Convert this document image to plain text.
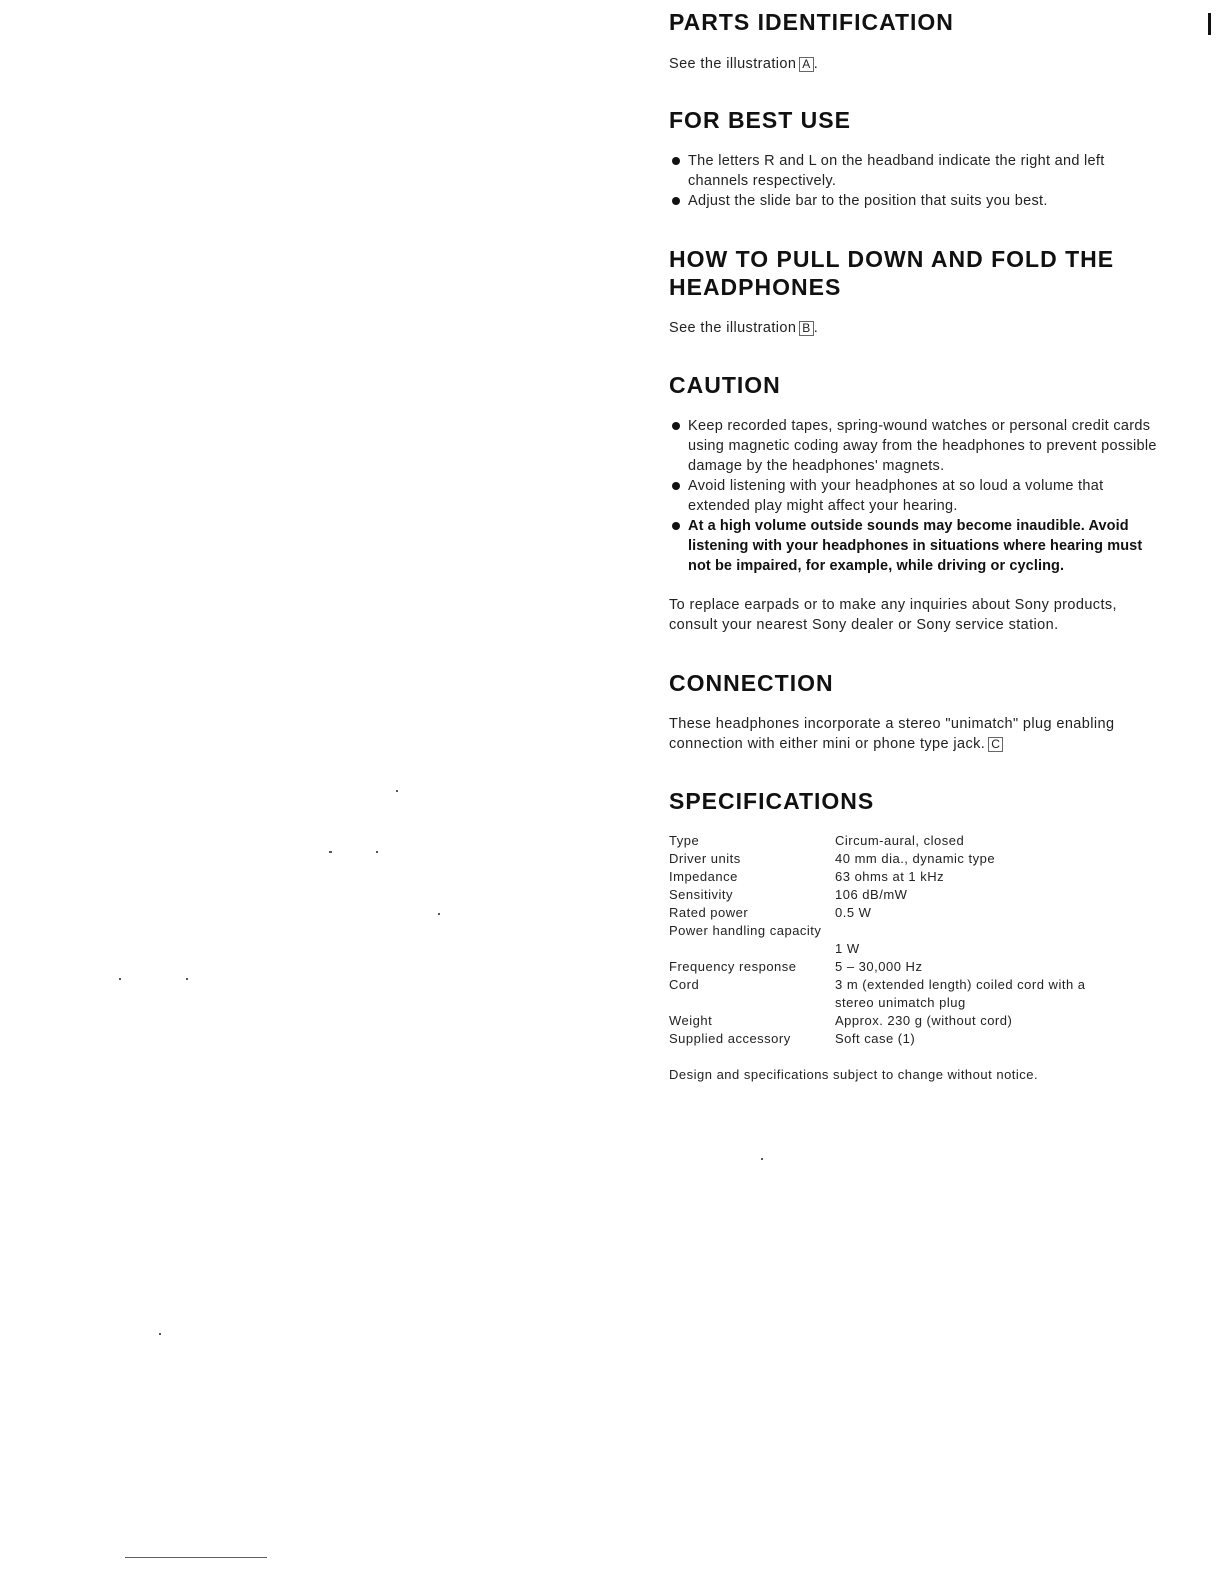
PARTS IDENTIFICATION

See the illustration A .

FOR BEST USE
The letters R and L on the headband indicate the right and left channels respectively.
Adjust the slide bar to the position that suits you best.
HOW TO PULL DOWN AND FOLD THE HEADPHONES

See the illustration B .

CAUTION
Keep recorded tapes, spring-wound watches or personal credit cards using magnetic coding away from the headphones to prevent possible damage by the headphones' magnets.
Avoid listening with your headphones at so loud a volume that extended play might affect your hearing.
At a high volume outside sounds may become inaudible. Avoid listening with your headphones in situations where hearing must not be impaired, for example, while driving or cycling.

To replace earpads or to make any inquiries about Sony products, consult your nearest Sony dealer or Sony service station.

CONNECTION

These headphones incorporate a stereo "unimatch" plug enabling connection with either mini or phone type jack. C

SPECIFICATIONS
Type	Circum-aural, closed
Driver units	40 mm dia., dynamic type
Impedance	63 ohms at 1 kHz
Sensitivity	106 dB/mW
Rated power	0.5 W
Power handling capacity	
	1 W
Frequency response	5 – 30,000 Hz
Cord	3 m (extended length) coiled cord with a stereo unimatch plug
Weight	Approx. 230 g (without cord)
Supplied accessory	Soft case (1)

Design and specifications subject to change without notice.
